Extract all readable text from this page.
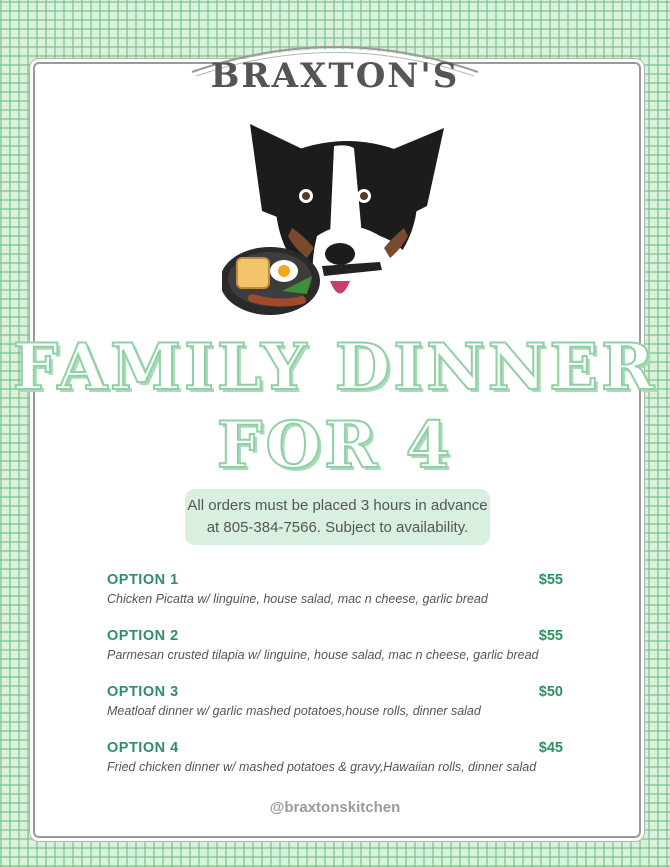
BRAXTON'S
FAMILY DINNER
FOR 4
All orders must be placed 3 hours in advance
at 805-384-7566. Subject to availability.
OPTION 1	$55
Chicken Picatta w/ linguine, house salad, mac n cheese, garlic bread
OPTION 2	$55
Parmesan crusted tilapia w/ linguine, house salad, mac n cheese, garlic bread
OPTION 3	$50
Meatloaf dinner w/ garlic mashed potatoes,house rolls, dinner salad
OPTION 4	$45
Fried chicken dinner w/ mashed potatoes & gravy,Hawaiian rolls, dinner salad
@braxtonskitchen
